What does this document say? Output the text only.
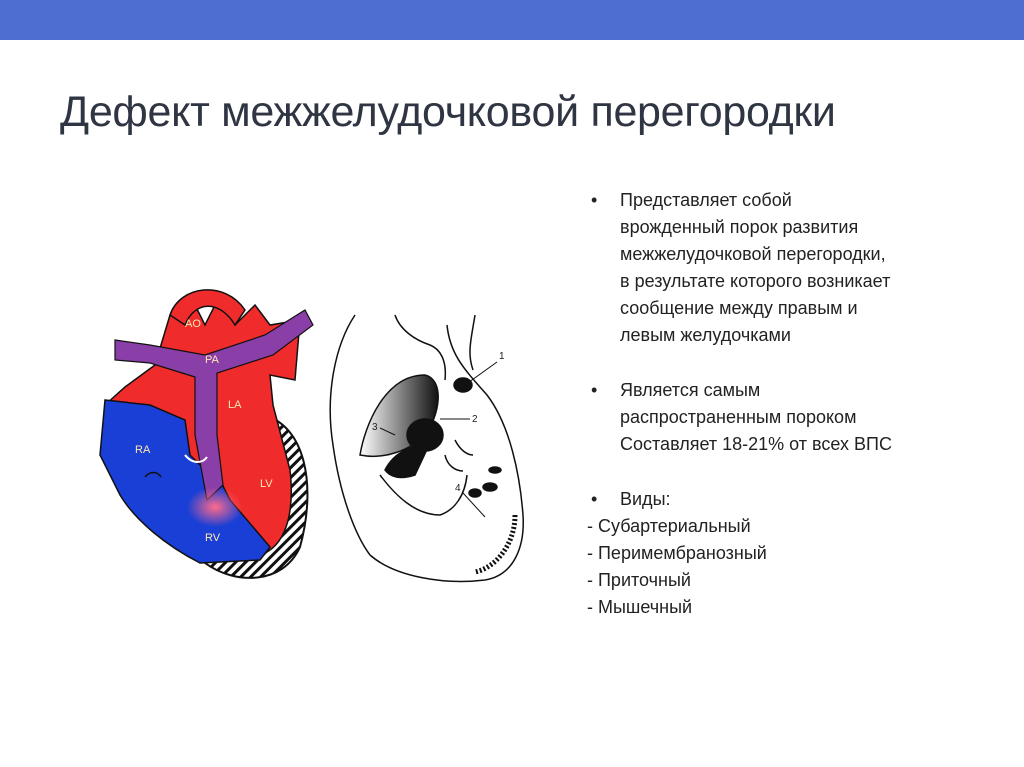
Дефект межжелудочковой перегородки
AO
PA
LA
RA
LV
RV
1
2
3
4
• Представляет собой
врожденный порок развития
межжелудочковой перегородки,
в результате которого возникает
сообщение между правым и
левым желудочками
• Является самым
распространенным пороком
Составляет 18-21% от всех ВПС
• Виды:
- Субартериальный
- Перимембранозный
- Приточный
- Мышечный
